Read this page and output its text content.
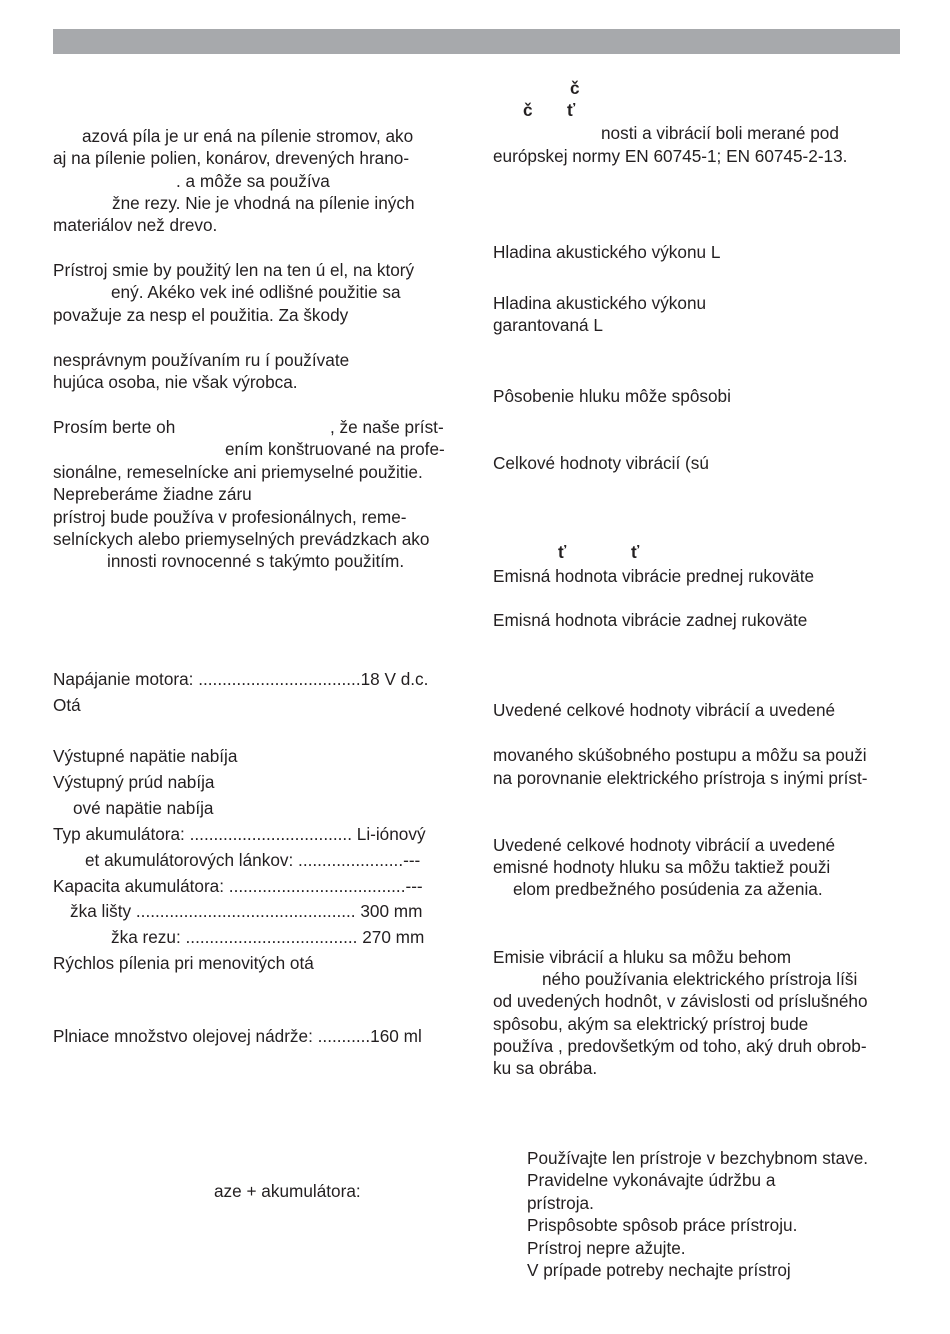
azová píla je ur ená na pílenie stromov, ako
aj na pílenie polien, konárov, drevených hrano-
. a môže sa používa
žne rezy. Nie je vhodná na pílenie iných
materiálov než drevo.
Prístroj smie by použitý len na ten ú el, na ktorý
ený. Akéko vek iné odlišné použitie sa
považuje za nesp el použitia. Za škody
nesprávnym používaním ru í používate
hujúca osoba, nie však výrobca.
Prosím berte oh	, že naše príst-
ením konštruované na profe-
sionálne, remeselnícke ani priemyselné použitie.
Nepreberáme žiadne záru
prístroj bude používa v profesionálnych, reme-
selníckych alebo priemyselných prevádzkach ako
innosti rovnocenné s takýmto použitím.
Napájanie motora: ..................................18 V d.c.
Otá
Výstupné napätie nabíja
Výstupný prúd nabíja
ové napätie nabíja
Typ akumulátora: .................................. Li-iónový
et akumulátorových lánkov: ......................---
Kapacita akumulátora: .....................................---
žka lišty .............................................. 300 mm
žka rezu: .................................... 270 mm
Rýchlos pílenia pri menovitých otá
Plniace množstvo olejovej nádrže: ...........160 ml
aze + akumulátora:
č
č ť
nosti a vibrácií boli merané pod
európskej normy EN 60745-1; EN 60745-2-13.
Hladina akustického výkonu L
Hladina akustického výkonu
garantovaná L
Pôsobenie hluku môže spôsobi
Celkové hodnoty vibrácií (sú
ť	ť
Emisná hodnota vibrácie prednej rukoväte
Emisná hodnota vibrácie zadnej rukoväte
Uvedené celkové hodnoty vibrácií a uvedené
movaného skúšobného postupu a môžu sa použi
na porovnanie elektrického prístroja s inými príst-
Uvedené celkové hodnoty vibrácií a uvedené
emisné hodnoty hluku sa môžu taktiež použi
elom predbežného posúdenia za aženia.
Emisie vibrácií a hluku sa môžu behom
ného používania elektrického prístroja líši
od uvedených hodnôt, v závislosti od príslušného
spôsobu, akým sa elektrický prístroj bude
používa , predovšetkým od toho, aký druh obrob-
ku sa obrába.
Používajte len prístroje v bezchybnom stave.
Pravidelne vykonávajte údržbu a
prístroja.
Prispôsobte spôsob práce prístroju.
Prístroj nepre ažujte.
V prípade potreby nechajte prístroj
